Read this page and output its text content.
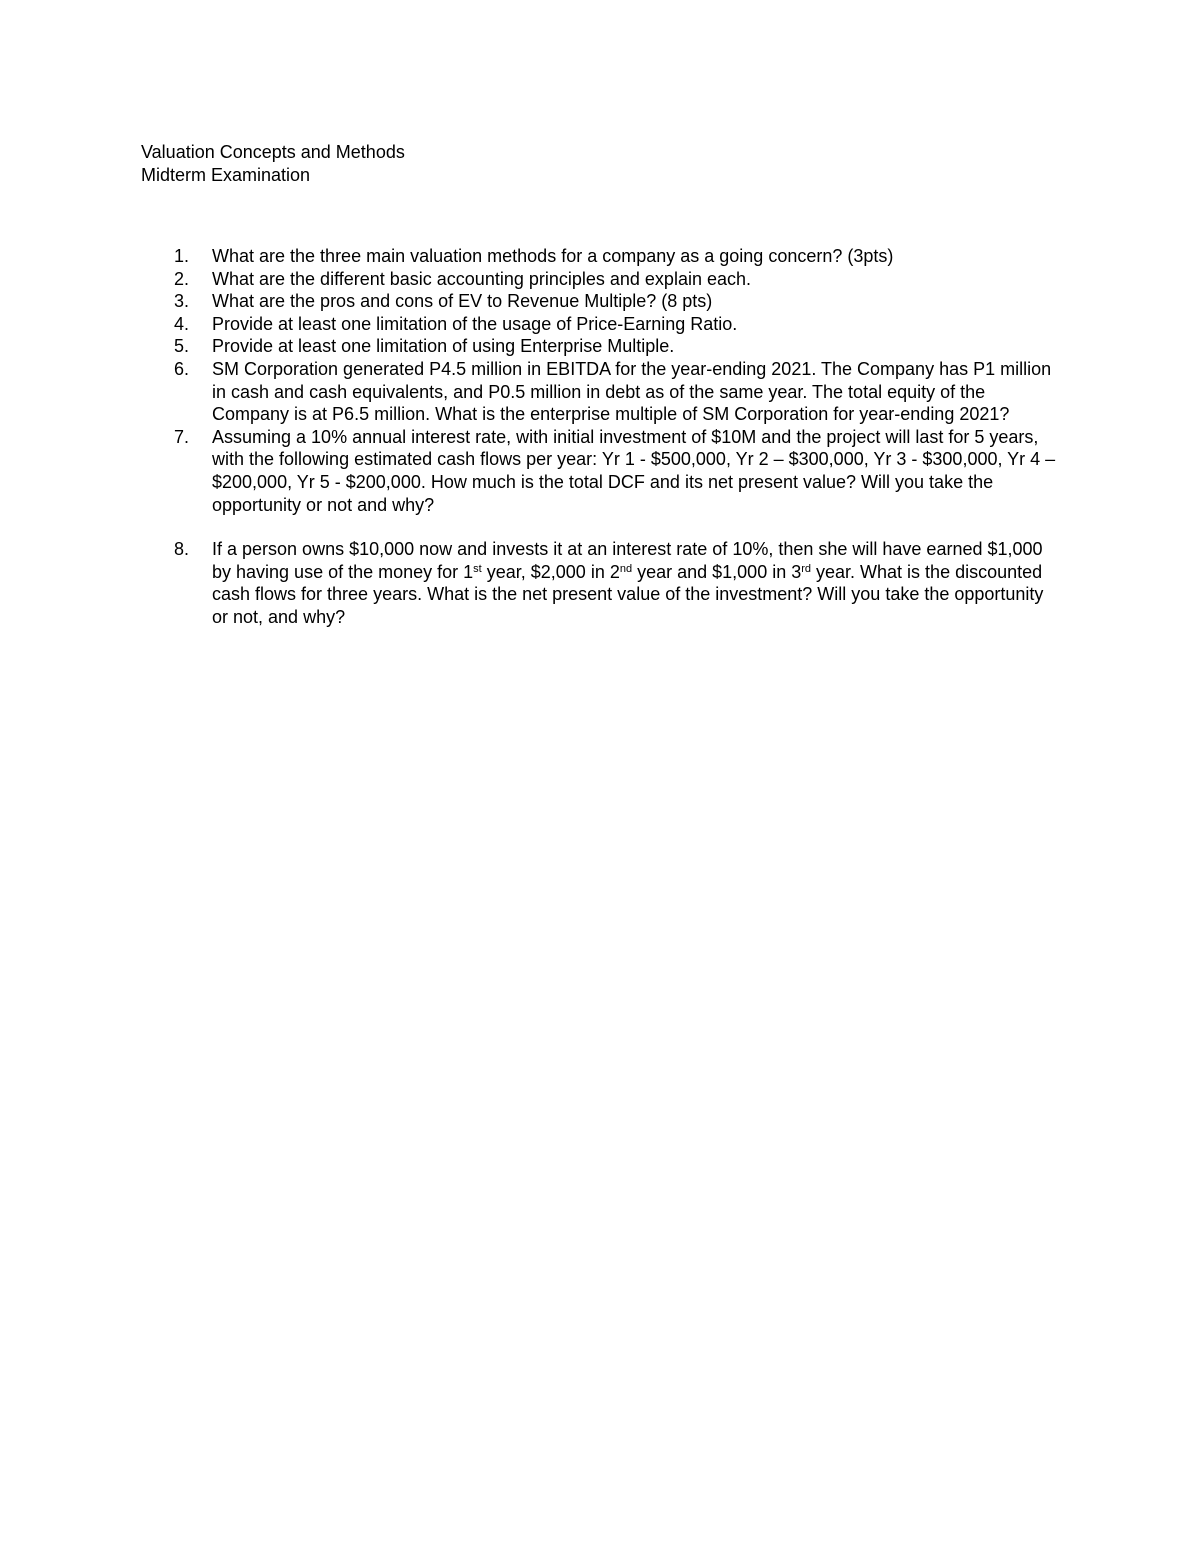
Valuation Concepts and Methods
Midterm Examination
1. What are the three main valuation methods for a company as a going concern? (3pts)
2. What are the different basic accounting principles and explain each.
3. What are the pros and cons of EV to Revenue Multiple? (8 pts)
4. Provide at least one limitation of the usage of Price-Earning Ratio.
5. Provide at least one limitation of using Enterprise Multiple.
6. SM Corporation generated P4.5 million in EBITDA for the year-ending 2021. The Company has P1 million in cash and cash equivalents, and P0.5 million in debt as of the same year. The total equity of the Company is at P6.5 million. What is the enterprise multiple of SM Corporation for year-ending 2021?
7. Assuming a 10% annual interest rate, with initial investment of $10M and the project will last for 5 years, with the following estimated cash flows per year: Yr 1 - $500,000, Yr 2 – $300,000, Yr 3 - $300,000, Yr 4 – $200,000, Yr 5 - $200,000. How much is the total DCF and its net present value? Will you take the opportunity or not and why?
8. If a person owns $10,000 now and invests it at an interest rate of 10%, then she will have earned $1,000 by having use of the money for 1st year, $2,000 in 2nd year and $1,000 in 3rd year. What is the discounted cash flows for three years. What is the net present value of the investment? Will you take the opportunity or not, and why?
